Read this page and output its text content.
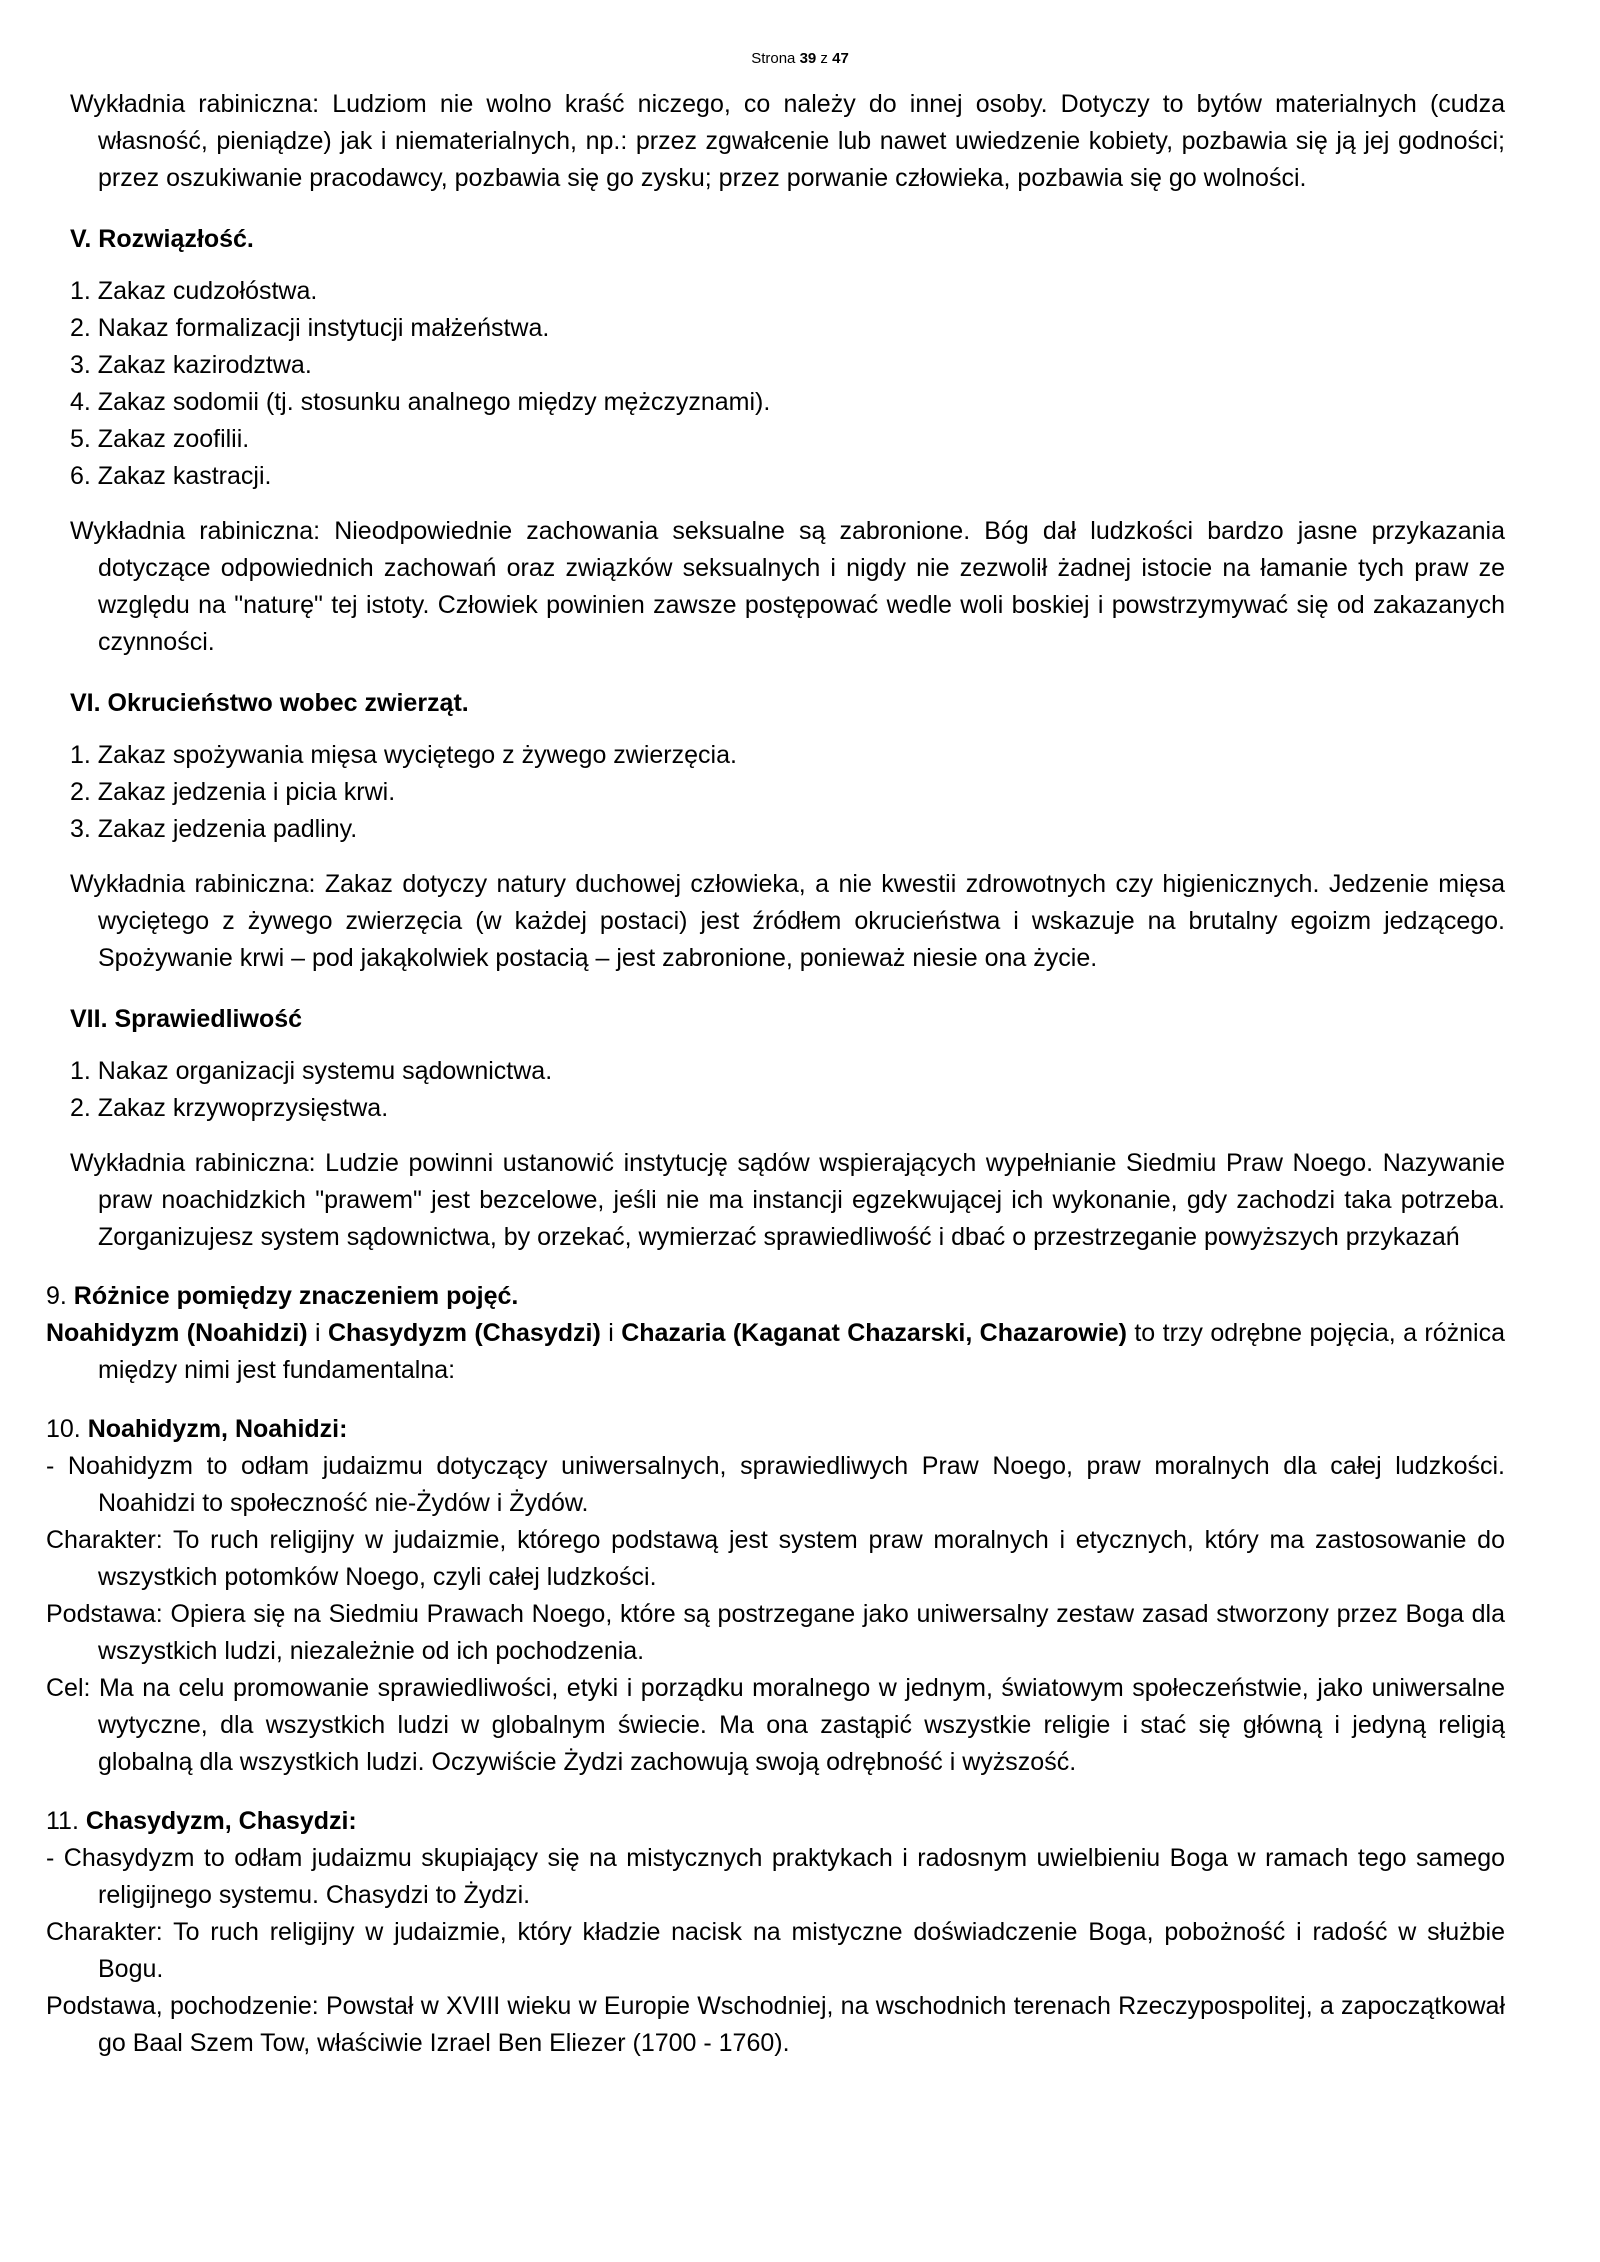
Strona 39 z 47

Wykładnia rabiniczna: Ludziom nie wolno kraść niczego, co należy do innej osoby. Dotyczy to bytów materialnych (cudza własność, pieniądze) jak i niematerialnych, np.: przez zgwałcenie lub nawet uwiedzenie kobiety, pozbawia się ją jej godności; przez oszukiwanie pracodawcy, pozbawia się go zysku; przez porwanie człowieka, pozbawia się go wolności.

V. Rozwiązłość.

1. Zakaz cudzołóstwa.
2. Nakaz formalizacji instytucji małżeństwa.
3. Zakaz kazirodztwa.
4. Zakaz sodomii (tj. stosunku analnego między mężczyznami).
5. Zakaz zoofilii.
6. Zakaz kastracji.

Wykładnia rabiniczna: Nieodpowiednie zachowania seksualne są zabronione. Bóg dał ludzkości bardzo jasne przykazania dotyczące odpowiednich zachowań oraz związków seksualnych i nigdy nie zezwolił żadnej istocie na łamanie tych praw ze względu na "naturę" tej istoty. Człowiek powinien zawsze postępować wedle woli boskiej i powstrzymywać się od zakazanych czynności.

VI. Okrucieństwo wobec zwierząt.

1. Zakaz spożywania mięsa wyciętego z żywego zwierzęcia.
2. Zakaz jedzenia i picia krwi.
3. Zakaz jedzenia padliny.

Wykładnia rabiniczna: Zakaz dotyczy natury duchowej człowieka, a nie kwestii zdrowotnych czy higienicznych. Jedzenie mięsa wyciętego z żywego zwierzęcia (w każdej postaci) jest źródłem okrucieństwa i wskazuje na brutalny egoizm jedzącego. Spożywanie krwi – pod jakąkolwiek postacią – jest zabronione, ponieważ niesie ona życie.

VII. Sprawiedliwość

1. Nakaz organizacji systemu sądownictwa.
2. Zakaz krzywoprzysięstwa.

Wykładnia rabiniczna: Ludzie powinni ustanowić instytucję sądów wspierających wypełnianie Siedmiu Praw Noego. Nazywanie praw noachidzkich "prawem" jest bezcelowe, jeśli nie ma instancji egzekwującej ich wykonanie, gdy zachodzi taka potrzeba. Zorganizujesz system sądownictwa, by orzekać, wymierzać sprawiedliwość i dbać o przestrzeganie powyższych przykazań

9. Różnice pomiędzy znaczeniem pojęć.

Noahidyzm (Noahidzi) i Chasydyzm (Chasydzi) i Chazaria (Kaganat Chazarski, Chazarowie) to trzy odrębne pojęcia, a różnica między nimi jest fundamentalna:

10. Noahidyzm, Noahidzi:

- Noahidyzm to odłam judaizmu dotyczący uniwersalnych, sprawiedliwych Praw Noego, praw moralnych dla całej ludzkości. Noahidzi to społeczność nie-Żydów i Żydów.

Charakter: To ruch religijny w judaizmie, którego podstawą jest system praw moralnych i etycznych, który ma zastosowanie do wszystkich potomków Noego, czyli całej ludzkości.

Podstawa: Opiera się na Siedmiu Prawach Noego, które są postrzegane jako uniwersalny zestaw zasad stworzony przez Boga dla wszystkich ludzi, niezależnie od ich pochodzenia.

Cel: Ma na celu promowanie sprawiedliwości, etyki i porządku moralnego w jednym, światowym społeczeństwie, jako uniwersalne wytyczne, dla wszystkich ludzi w globalnym świecie. Ma ona zastąpić wszystkie religie i stać się główną i jedyną religią globalną dla wszystkich ludzi. Oczywiście Żydzi zachowują swoją odrębność i wyższość.

11. Chasydyzm, Chasydzi:

- Chasydyzm to odłam judaizmu skupiający się na mistycznych praktykach i radosnym uwielbieniu Boga w ramach tego samego religijnego systemu. Chasydzi to Żydzi.

Charakter: To ruch religijny w judaizmie, który kładzie nacisk na mistyczne doświadczenie Boga, pobożność i radość w służbie Bogu.

Podstawa, pochodzenie: Powstał w XVIII wieku w Europie Wschodniej, na wschodnich terenach Rzeczypospolitej, a zapoczątkował go Baal Szem Tow, właściwie Izrael Ben Eliezer (1700 - 1760).
